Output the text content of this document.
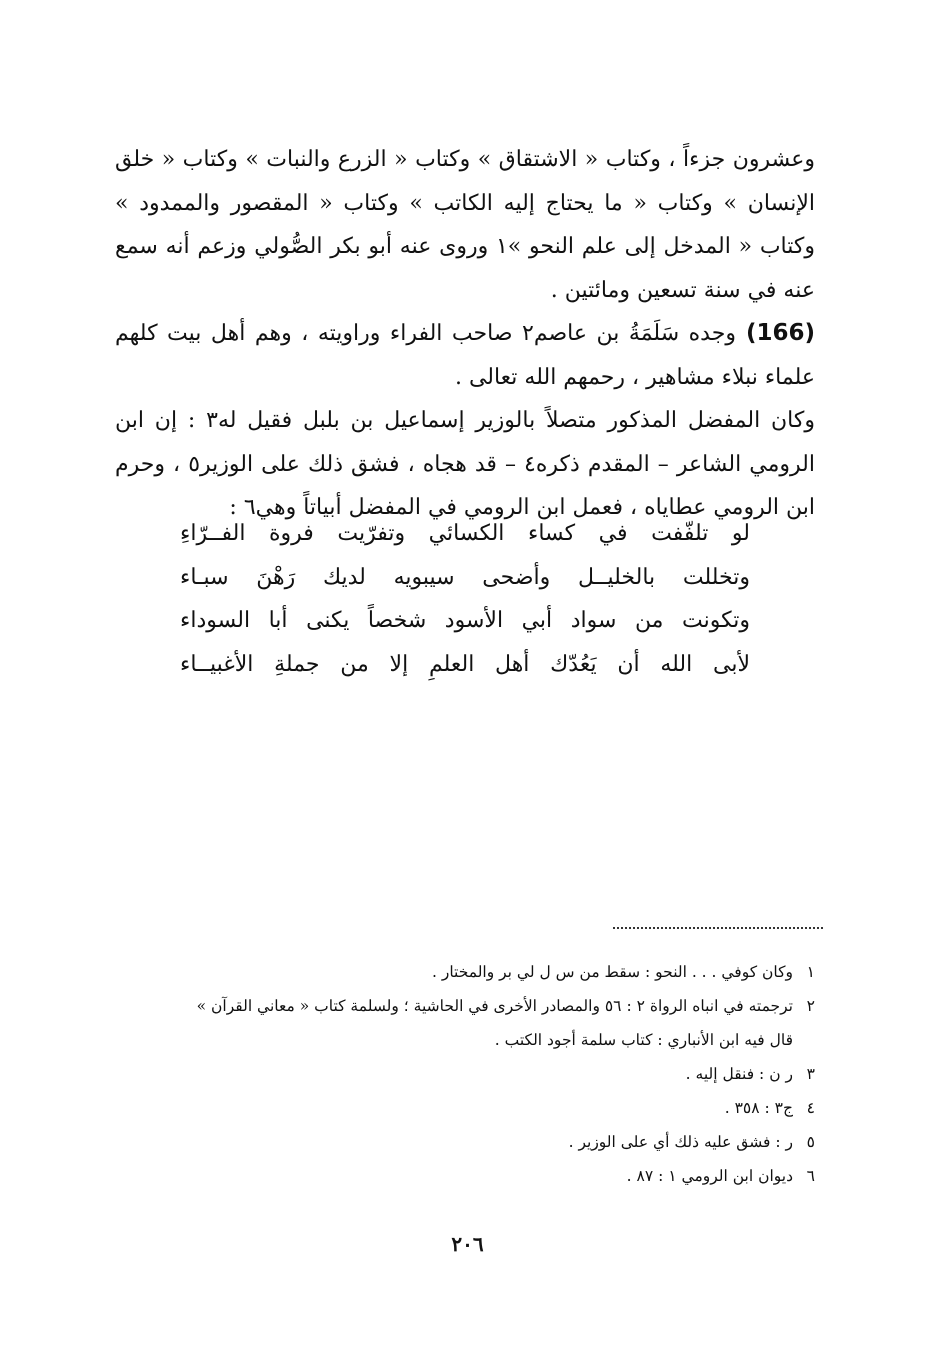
وعشرون جزءاً ، وكتاب « الاشتقاق » وكتاب « الزرع والنبات » وكتاب « خلق الإنسان » وكتاب « ما يحتاج إليه الكاتب » وكتاب « المقصور والممدود » وكتاب « المدخل إلى علم النحو »١ وروى عنه أبو بكر الصُّولي وزعم أنه سمع عنه في سنة تسعين ومائتين .

(166)وجده سَلَمَةُ بن عاصم٢ صاحب الفراء وراويته ، وهم أهل بيت كلهم علماء نبلاء مشاهير ، رحمهم الله تعالى .

وكان المفضل المذكور متصلاً بالوزير إسماعيل بن بلبل فقيل له٣ : إن ابن الرومي الشاعر – المقدم ذكره٤ – قد هجاه ، فشق ذلك على الوزير٥ ، وحرم ابن الرومي عطاياه ، فعمل ابن الرومي في المفضل أبياتاً وهي٦ :

لو تلفّفت في كساء الكسائي وتفرّيت فروة الفــرّاءِ
وتخللت بالخليــل وأضحى سيبويه لديك رَهْنَ سبـاء
وتكونت من سواد أبي الأسود شخصاً يكنى أبا السوداء
لأبى الله أن يَعُدّك أهل العلمِ إلا من جملةِ الأغبيــاء
١وكان كوفي . . . النحو : سقط من س ل لي بر والمختار .
٢ترجمته في انباه الرواة ٢ : ٥٦ والمصادر الأخرى في الحاشية ؛ ولسلمة كتاب « معاني القرآن »
قال فيه ابن الأنباري : كتاب سلمة أجود الكتب .
٣ر ن : فنقل إليه .
٤ج٣ : ٣٥٨ .
٥ر : فشق عليه ذلك أي على الوزير .
٦ديوان ابن الرومي ١ : ٨٧ .
٢٠٦
